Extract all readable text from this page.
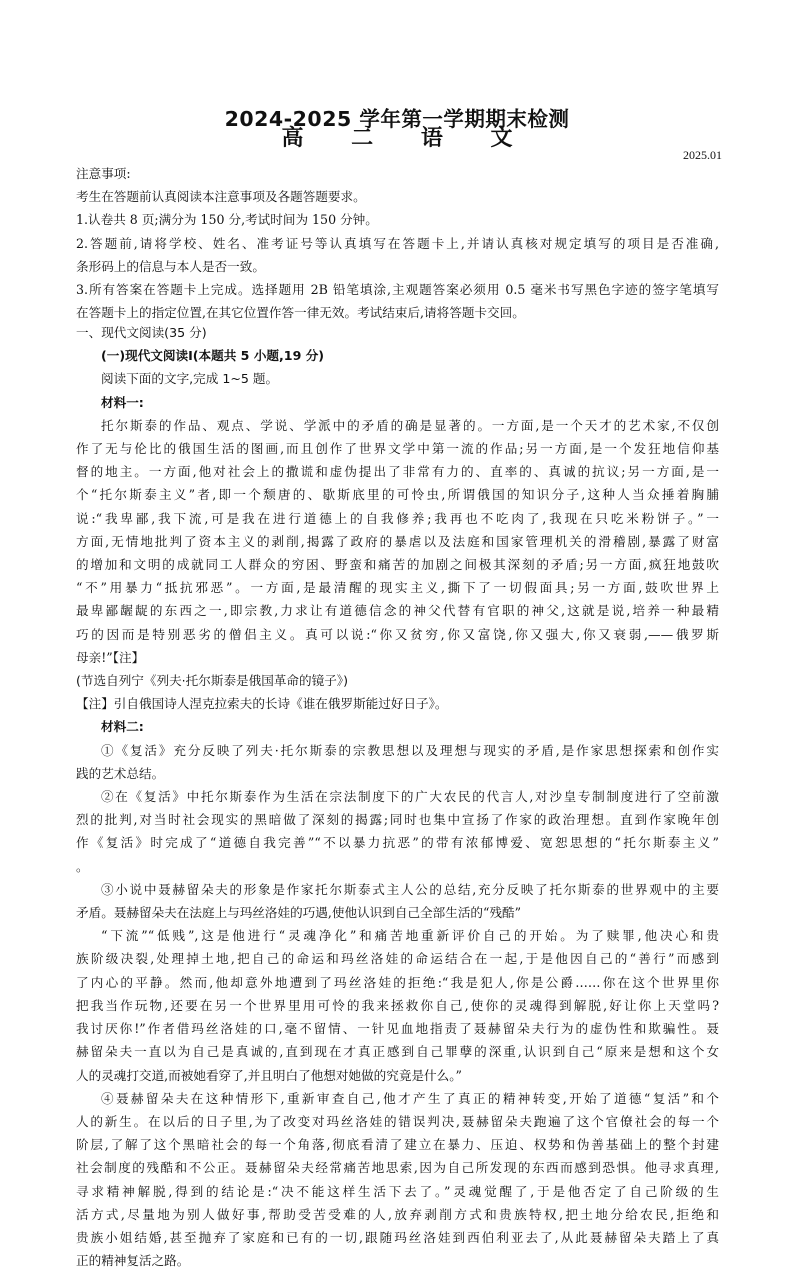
2024-2025 学年第一学期期末检测
高 二 语 文
2025.01
注意事项:
考生在答题前认真阅读本注意事项及各题答题要求。
1.认卷共 8 页;满分为 150 分,考试时间为 150 分钟。
2.答题前,请将学校、姓名、准考证号等认真填写在答题卡上,并请认真核对规定填写的项目是否准确,
条形码上的信息与本人是否一致。
3.所有答案在答题卡上完成。选择题用 2B 铅笔填涂,主观题答案必须用 0.5 毫米书写黑色字迹的签字笔填写
在答题卡上的指定位置,在其它位置作答一律无效。考试结束后,请将答题卡交回。
一、现代文阅读(35 分)
(一)现代文阅读Ⅰ(本题共 5 小题,19 分)
阅读下面的文字,完成 1~5 题。
材料一:
托尔斯泰的作品、观点、学说、学派中的矛盾的确是显著的。一方面,是一个天才的艺术家,不仅创
作了无与伦比的俄国生活的图画,而且创作了世界文学中第一流的作品;另一方面,是一个发狂地信仰基
督的地主。一方面,他对社会上的撒谎和虚伪提出了非常有力的、直率的、真诚的抗议;另一方面,是一
个“托尔斯泰主义”者,即一个颓唐的、歇斯底里的可怜虫,所谓俄国的知识分子,这种人当众捶着胸脯
说:“我卑鄙,我下流,可是我在进行道德上的自我修养;我再也不吃肉了,我现在只吃米粉饼子。”一
方面,无情地批判了资本主义的剥削,揭露了政府的暴虐以及法庭和国家管理机关的滑稽剧,暴露了财富
的增加和文明的成就同工人群众的穷困、野蛮和痛苦的加剧之间极其深刻的矛盾;另一方面,疯狂地鼓吹
“不”用暴力“抵抗邪恶”。一方面,是最清醒的现实主义,撕下了一切假面具;另一方面,鼓吹世界上
最卑鄙龌龊的东西之一,即宗教,力求让有道德信念的神父代替有官职的神父,这就是说,培养一种最精
巧的因而是特别恶劣的僧侣主义。真可以说:“你又贫穷,你又富饶,你又强大,你又衰弱,——俄罗斯
母亲!”【注】
(节选自列宁《列夫·托尔斯泰是俄国革命的镜子》)
【注】引自俄国诗人涅克拉索夫的长诗《谁在俄罗斯能过好日子》。
材料二:
①《复活》充分反映了列夫·托尔斯泰的宗教思想以及理想与现实的矛盾,是作家思想探索和创作实
践的艺术总结。
②在《复活》中托尔斯泰作为生活在宗法制度下的广大农民的代言人,对沙皇专制制度进行了空前激
烈的批判,对当时社会现实的黑暗做了深刻的揭露;同时也集中宣扬了作家的政治理想。直到作家晚年创
作《复活》时完成了“道德自我完善”“不以暴力抗恶”的带有浓郁博爱、宽恕思想的“托尔斯泰主义”
。
③小说中聂赫留朵夫的形象是作家托尔斯泰式主人公的总结,充分反映了托尔斯泰的世界观中的主要
矛盾。聂赫留朵夫在法庭上与玛丝洛娃的巧遇,使他认识到自己全部生活的“残酷”
“下流”“低贱”,这是他进行“灵魂净化”和痛苦地重新评价自己的开始。为了赎罪,他决心和贵
族阶级决裂,处理掉土地,把自己的命运和玛丝洛娃的命运结合在一起,于是他因自己的“善行”而感到
了内心的平静。然而,他却意外地遭到了玛丝洛娃的拒绝:“我是犯人,你是公爵……你在这个世界里你
把我当作玩物,还要在另一个世界里用可怜的我来拯救你自己,使你的灵魂得到解脱,好让你上天堂吗?
我讨厌你!”作者借玛丝洛娃的口,毫不留情、一针见血地指责了聂赫留朵夫行为的虚伪性和欺骗性。聂
赫留朵夫一直以为自己是真诚的,直到现在才真正感到自己罪孽的深重,认识到自己“原来是想和这个女
人的灵魂打交道,而被她看穿了,并且明白了他想对她做的究竟是什么。”
④聂赫留朵夫在这种情形下,重新审查自己,他才产生了真正的精神转变,开始了道德“复活”和个
人的新生。在以后的日子里,为了改变对玛丝洛娃的错误判决,聂赫留朵夫跑遍了这个官僚社会的每一个
阶层,了解了这个黑暗社会的每一个角落,彻底看清了建立在暴力、压迫、权势和伪善基础上的整个封建
社会制度的残酷和不公正。聂赫留朵夫经常痛苦地思索,因为自己所发现的东西而感到恐惧。他寻求真理,
寻求精神解脱,得到的结论是:“决不能这样生活下去了。”灵魂觉醒了,于是他否定了自己阶级的生
活方式,尽量地为别人做好事,帮助受苦受难的人,放弃剥削方式和贵族特权,把土地分给农民,拒绝和
贵族小姐结婚,甚至抛弃了家庭和已有的一切,跟随玛丝洛娃到西伯利亚去了,从此聂赫留朵夫踏上了真
正的精神复活之路。
